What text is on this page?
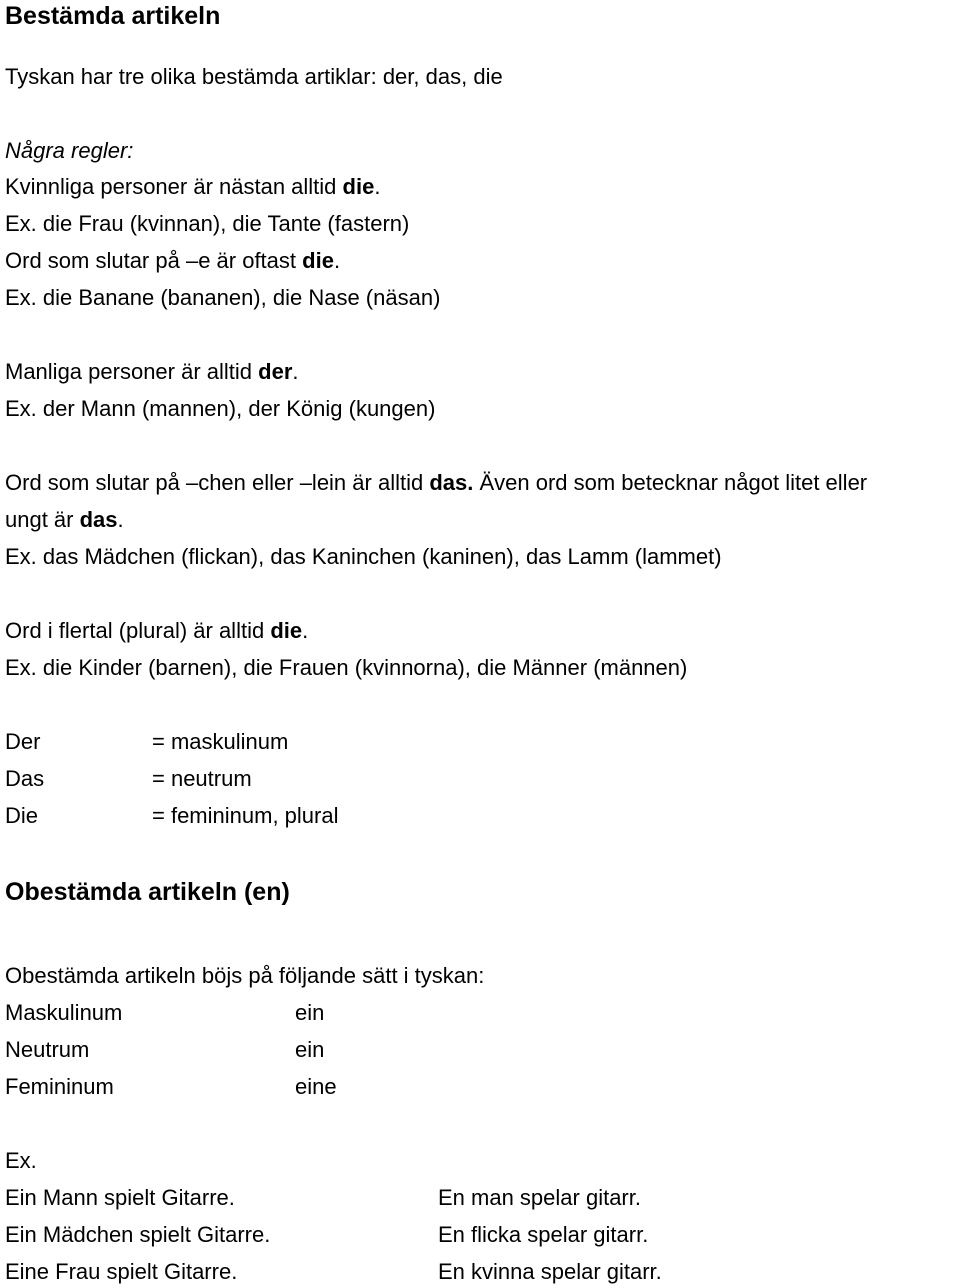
Bestämda artikeln
Tyskan har tre olika bestämda artiklar: der, das, die
Några regler:
Kvinnliga personer är nästan alltid die.
Ex. die Frau (kvinnan), die Tante (fastern)
Ord som slutar på –e är oftast die.
Ex. die Banane (bananen), die Nase (näsan)
Manliga personer är alltid der.
Ex. der Mann (mannen), der König (kungen)
Ord som slutar på –chen eller –lein är alltid das. Även ord som betecknar något litet eller
ungt är das.
Ex. das Mädchen (flickan), das Kaninchen (kaninen), das Lamm (lammet)
Ord i flertal (plural) är alltid die.
Ex. die Kinder (barnen), die Frauen (kvinnorna), die Männer (männen)
Der	= maskulinum
Das	= neutrum
Die	= femininum, plural
Obestämda artikeln (en)
Obestämda artikeln böjs på följande sätt i tyskan:
Maskulinum	ein
Neutrum	ein
Femininum	eine
Ex.
Ein Mann spielt Gitarre.	En man spelar gitarr.
Ein Mädchen spielt Gitarre.	En flicka spelar gitarr.
Eine Frau spielt Gitarre.	En kvinna spelar gitarr.
